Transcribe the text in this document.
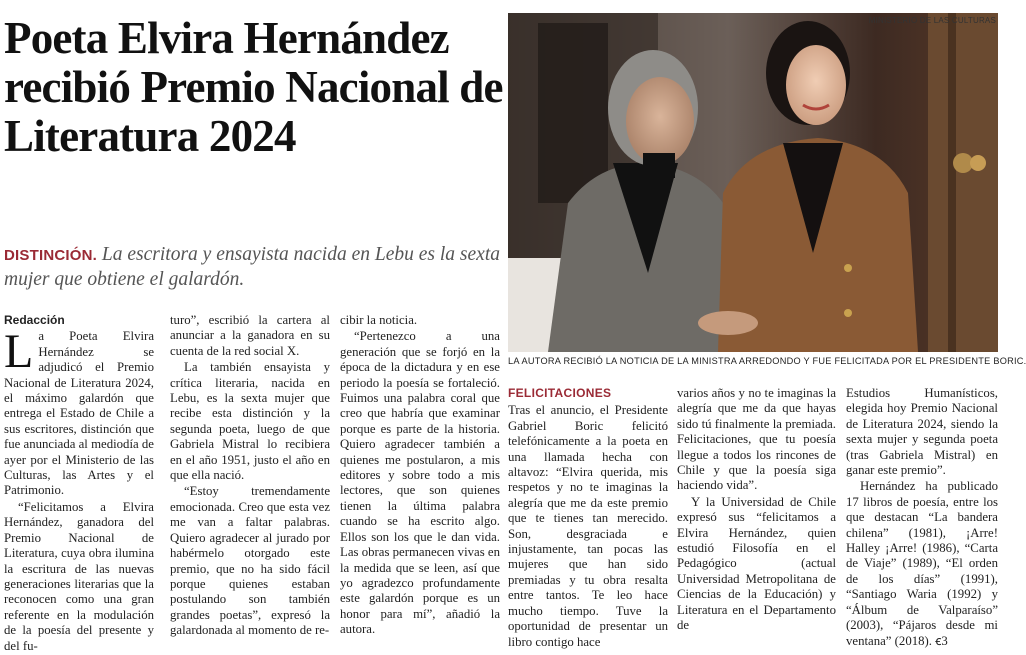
Poeta Elvira Hernández recibió Premio Nacional de Literatura 2024
DISTINCIÓN. La escritora y ensayista nacida en Lebu es la sexta mujer que obtiene el galardón.

Redacción

La Poeta Elvira Hernández se adjudicó el Premio Nacional de Literatura 2024, el máximo galardón que entrega el Estado de Chile a sus escritores, distinción que fue anunciada al mediodía de ayer por el Ministerio de las Culturas, las Artes y el Patrimonio.

“Felicitamos a Elvira Hernández, ganadora del Premio Nacional de Literatura, cuya obra ilumina la escritura de las nuevas generaciones literarias que la reconocen como una gran referente en la modulación de la poesía del presente y del fu-

turo”, escribió la cartera al anunciar a la ganadora en su cuenta de la red social X.

La también ensayista y crítica literaria, nacida en Lebu, es la sexta mujer que recibe esta distinción y la segunda poeta, luego de que Gabriela Mistral lo recibiera en el año 1951, justo el año en que ella nació.

“Estoy tremendamente emocionada. Creo que esta vez me van a faltar palabras. Quiero agradecer al jurado por habérmelo otorgado este premio, que no ha sido fácil porque quienes estaban postulando son también grandes poetas”, expresó la galardonada al momento de re-

cibir la noticia.

“Pertenezco a una generación que se forjó en la época de la dictadura y en ese periodo la poesía se fortaleció. Fuimos una palabra coral que creo que habría que examinar porque es parte de la historia. Quiero agradecer también a quienes me postularon, a mis editores y sobre todo a mis lectores, que son quienes tienen la última palabra cuando se ha escrito algo. Ellos son los que le dan vida. Las obras permanecen vivas en la medida que se leen, así que yo agradezco profundamente este galardón porque es un honor para mí”, añadió la autora.

MINISTERIO DE LAS CULTURAS
LA AUTORA RECIBIÓ LA NOTICIA DE LA MINISTRA ARREDONDO Y FUE FELICITADA POR EL PRESIDENTE BORIC.
FELICITACIONES

Tras el anuncio, el Presidente Gabriel Boric felicitó telefónicamente a la poeta en una llamada hecha con altavoz: “Elvira querida, mis respetos y no te imaginas la alegría que me da este premio que te tienes tan merecido. Son, desgraciada e injustamente, tan pocas las mujeres que han sido premiadas y tu obra resalta entre tantos. Te leo hace mucho tiempo. Tuve la oportunidad de presentar un libro contigo hace

varios años y no te imaginas la alegría que me da que hayas sido tú finalmente la premiada. Felicitaciones, que tu poesía llegue a todos los rincones de Chile y que la poesía siga haciendo vida”.

Y la Universidad de Chile expresó sus “felicitamos a Elvira Hernández, quien estudió Filosofía en el Pedagógico (actual Universidad Metropolitana de Ciencias de la Educación) y Literatura en el Departamento de

Estudios Humanísticos, elegida hoy Premio Nacional de Literatura 2024, siendo la sexta mujer y segunda poeta (tras Gabriela Mistral) en ganar este premio”.

Hernández ha publicado 17 libros de poesía, entre los que destacan “La bandera chilena” (1981), ¡Arre! Halley ¡Arre! (1986), “Carta de Viaje” (1989), “El orden de los días” (1991), “Santiago Waria (1992) y “Álbum de Valparaíso” (2003), “Pájaros desde mi ventana” (2018). ꞓ3
